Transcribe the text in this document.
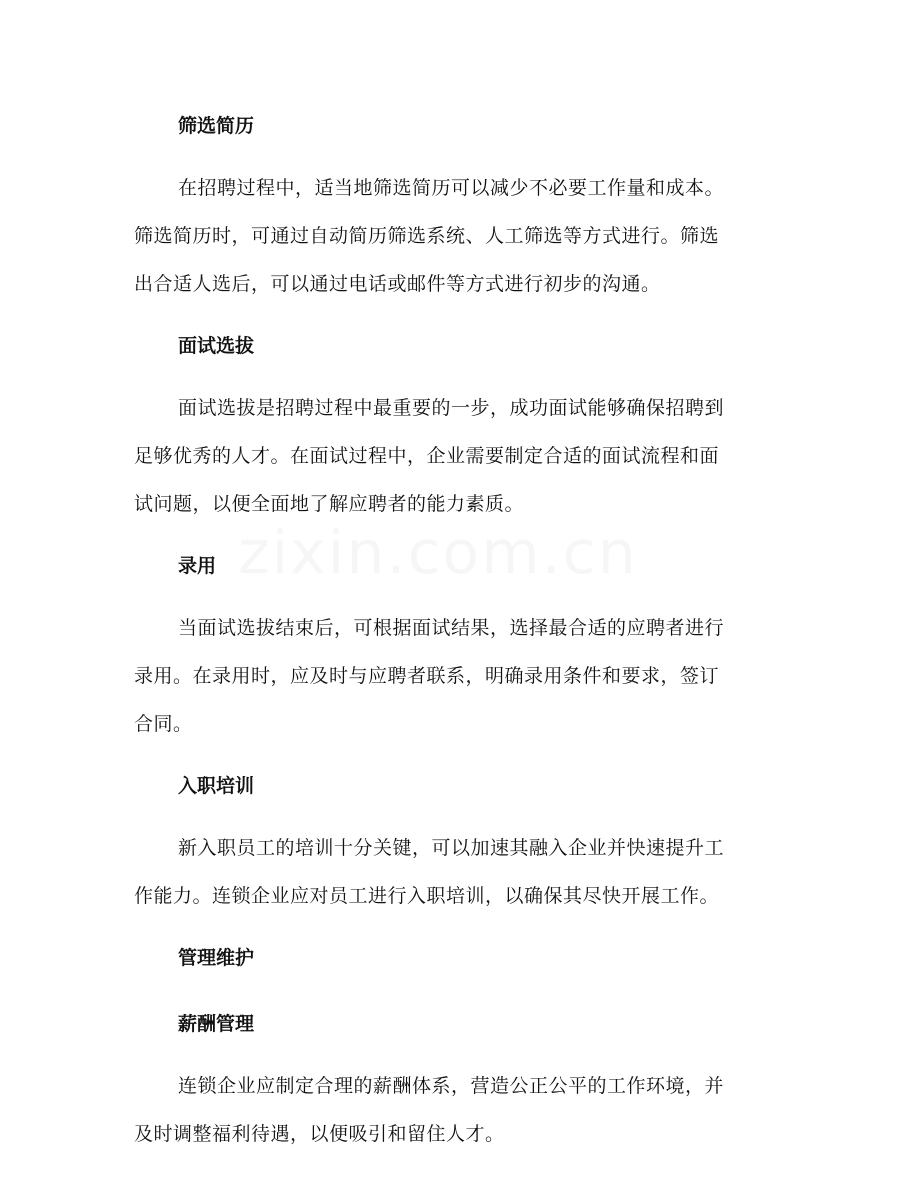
筛选简历

在招聘过程中，适当地筛选简历可以减少不必要工作量和成本。
筛选简历时，可通过自动简历筛选系统、人工筛选等方式进行。筛选
出合适人选后，可以通过电话或邮件等方式进行初步的沟通。

面试选拔

面试选拔是招聘过程中最重要的一步，成功面试能够确保招聘到
足够优秀的人才。在面试过程中，企业需要制定合适的面试流程和面
试问题，以便全面地了解应聘者的能力素质。

录用

当面试选拔结束后，可根据面试结果，选择最合适的应聘者进行
录用。在录用时，应及时与应聘者联系，明确录用条件和要求，签订
合同。

入职培训

新入职员工的培训十分关键，可以加速其融入企业并快速提升工
作能力。连锁企业应对员工进行入职培训，以确保其尽快开展工作。

管理维护

薪酬管理

连锁企业应制定合理的薪酬体系，营造公正公平的工作环境，并
及时调整福利待遇，以便吸引和留住人才。
